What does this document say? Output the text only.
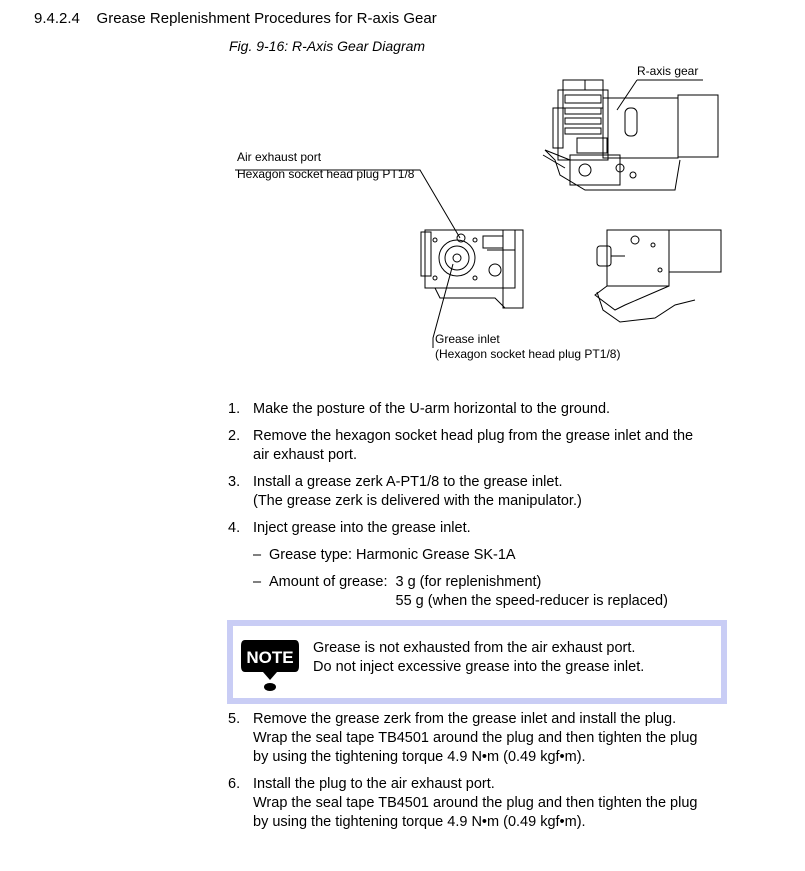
9.4.2.4 Grease Replenishment Procedures for R-axis Gear
Fig. 9-16: R-Axis Gear Diagram
R-axis gear
Air exhaust port
Hexagon socket head plug PT1/8
Grease inlet
(Hexagon socket head plug PT1/8)
1. Make the posture of the U-arm horizontal to the ground.
2. Remove the hexagon socket head plug from the grease inlet and the
air exhaust port.
3. Install a grease zerk A-PT1/8 to the grease inlet.
(The grease zerk is delivered with the manipulator.)
4. Inject grease into the grease inlet.
– Grease type: Harmonic Grease SK-1A
– Amount of grease: 3 g (for replenishment)
55 g (when the speed-reducer is replaced)
NOTE Grease is not exhausted from the air exhaust port.
Do not inject excessive grease into the grease inlet.
5. Remove the grease zerk from the grease inlet and install the plug.
Wrap the seal tape TB4501 around the plug and then tighten the plug
by using the tightening torque 4.9 N•m (0.49 kgf•m).
6. Install the plug to the air exhaust port.
Wrap the seal tape TB4501 around the plug and then tighten the plug
by using the tightening torque 4.9 N•m (0.49 kgf•m).
